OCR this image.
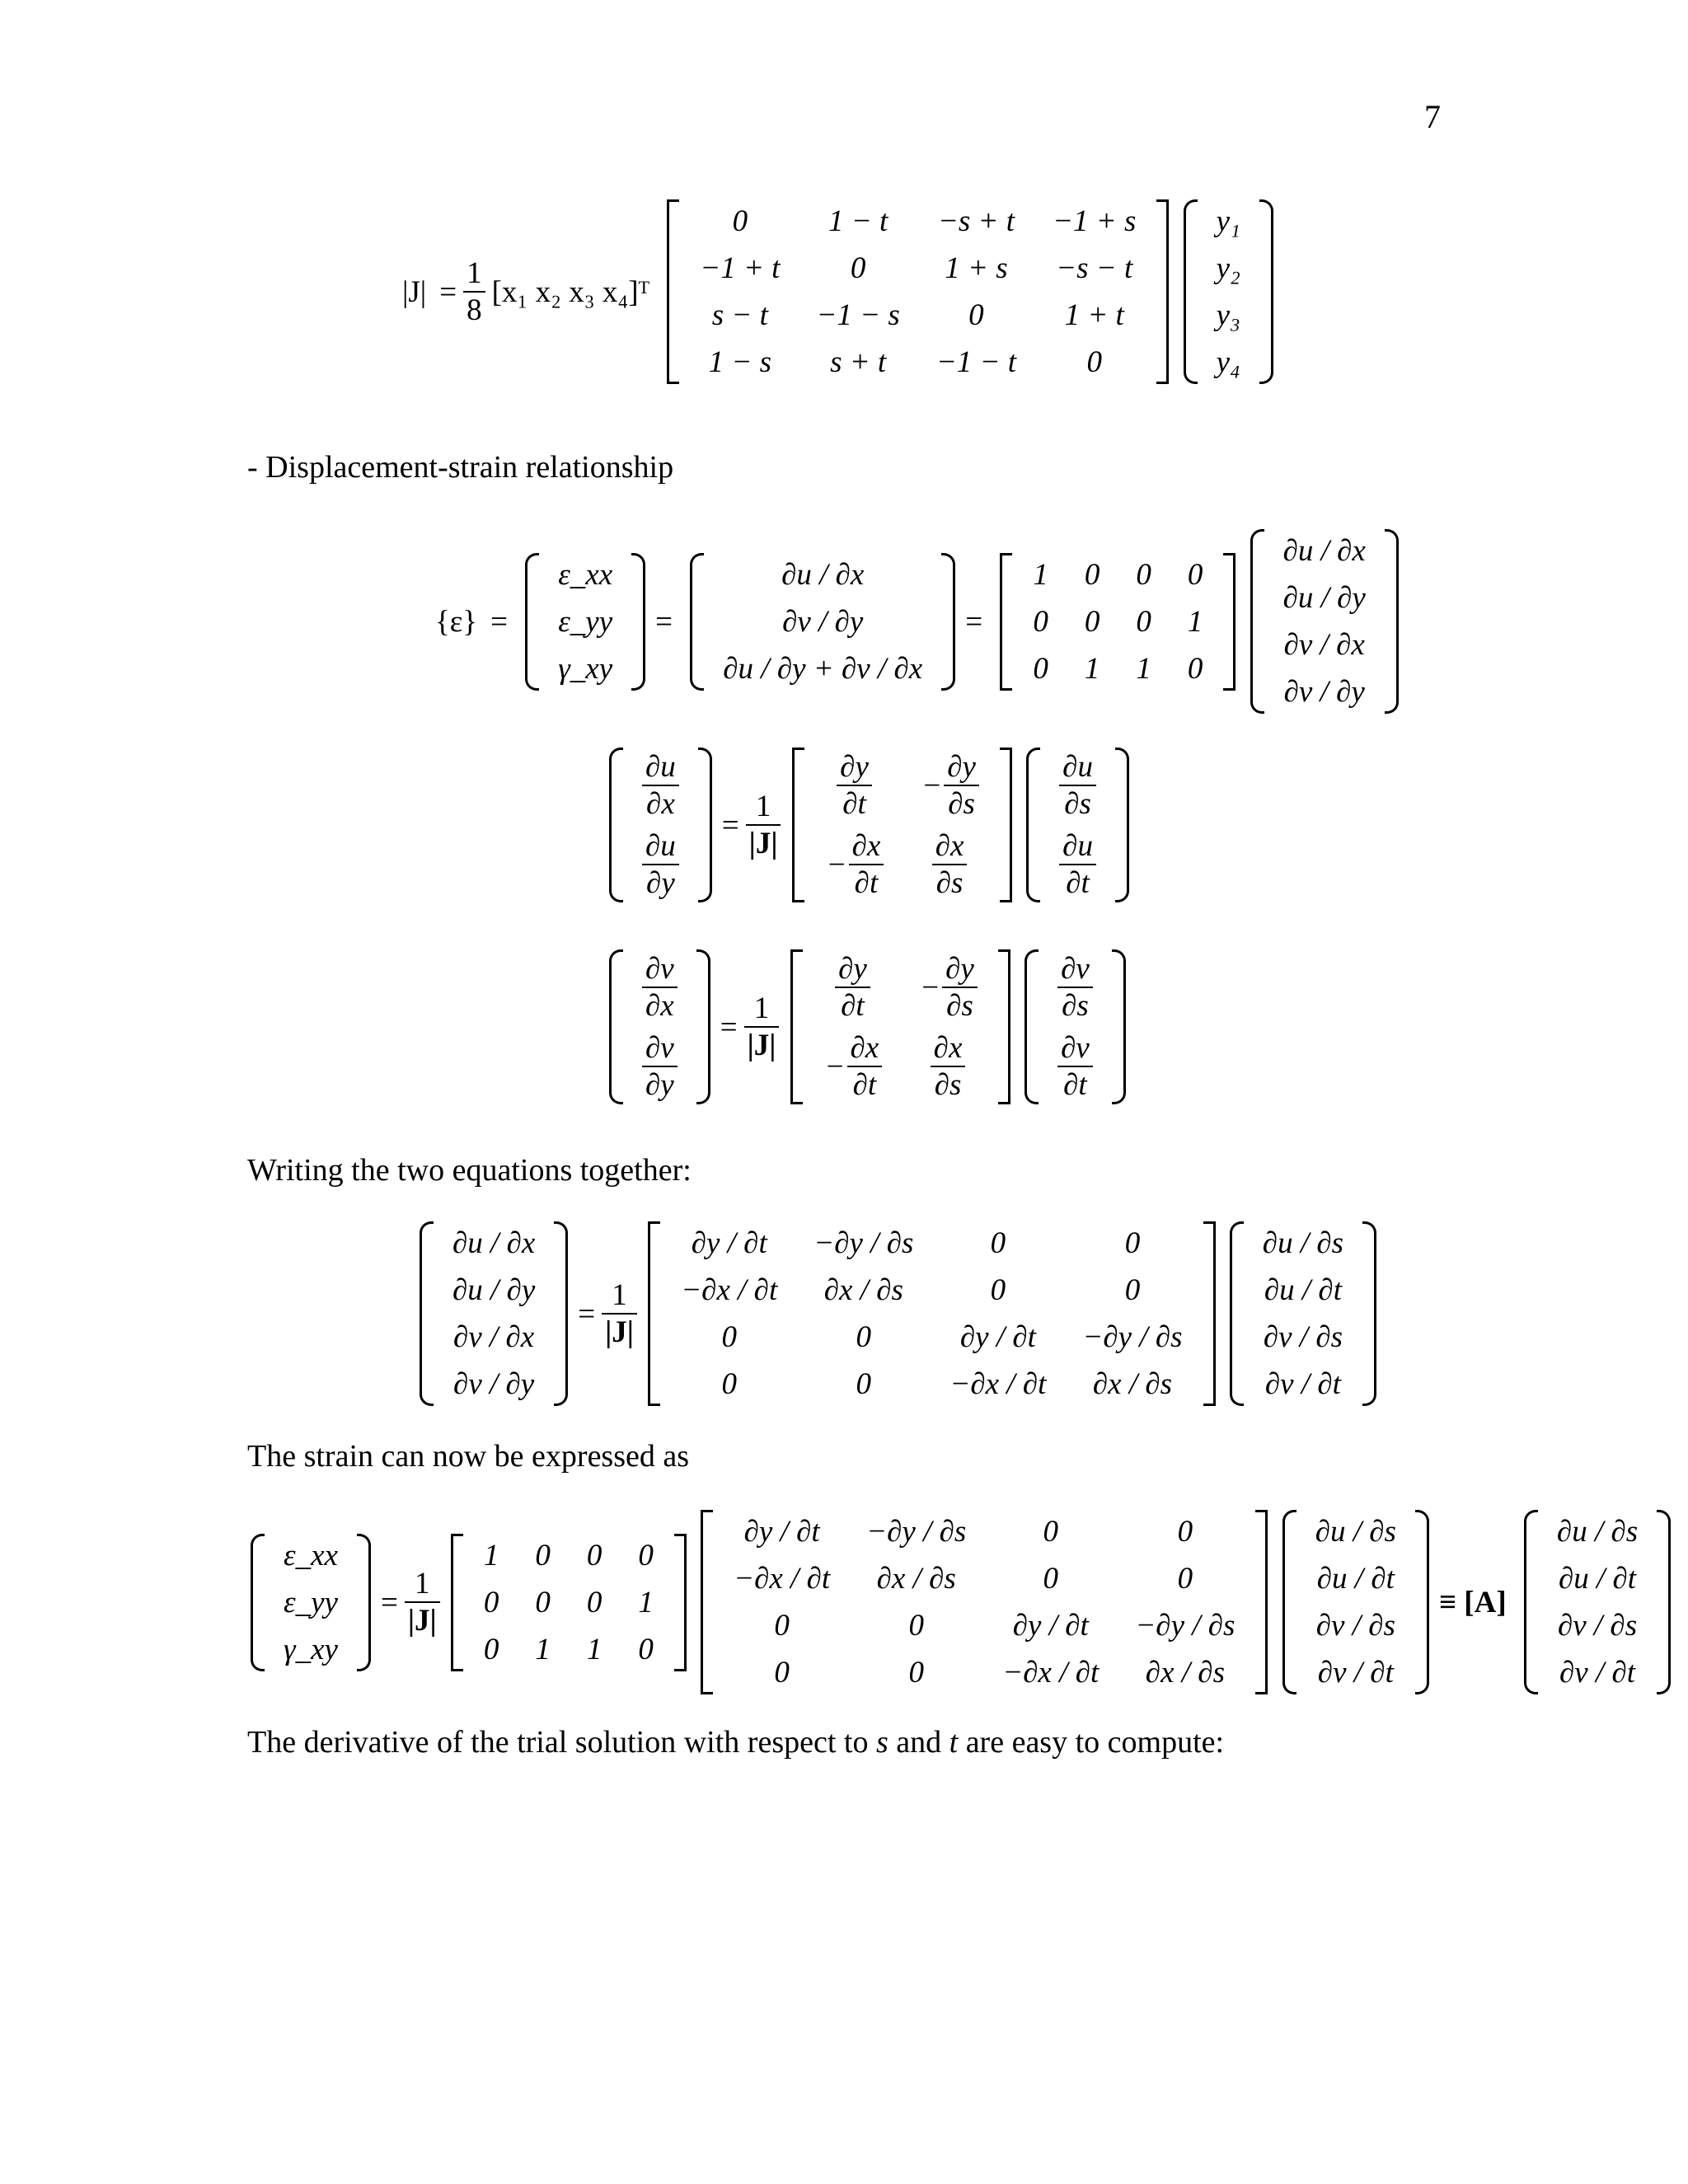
7
$|J| = \frac{1}{8} [x_1$ x₂ x₃ x₄]ᵀ
0	1 − t	−s + t	−1 + s
−1 + t	0	1 + s	−s − t
s − t	−1 − s	0	1 + t
1 − s	s + t	−1 − t	0

y₁
y₂
y₃
y₄
- Displacement-strain relationship
{ε} =
ε_xx
ε_yy
γ_xy
=
∂u / ∂x
∂v / ∂y
∂u / ∂y + ∂v / ∂x
=
1	0	0	0
0	0	0	1
0	1	1	0

∂u / ∂x
∂u / ∂y
∂v / ∂x
∂v / ∂y
$\frac{\partial u}{\partial x}$

$\frac{\partial u}{\partial y}$
= $\frac{1}{|J|}$

$\frac{\partial y}{\partial t}$	− $\frac{\partial y}{\partial s}$

− $\frac{\partial x}{\partial t}$	$\frac{\partial x}{\partial s}$

$\frac{\partial u}{\partial s}$

$\frac{\partial u}{\partial t}$
$\frac{\partial v}{\partial x}$

$\frac{\partial v}{\partial y}$
= $\frac{1}{|J|}$

$\frac{\partial y}{\partial t}$	− $\frac{\partial y}{\partial s}$

− $\frac{\partial x}{\partial t}$	$\frac{\partial x}{\partial s}$

$\frac{\partial v}{\partial s}$

$\frac{\partial v}{\partial t}$
Writing the two equations together:
∂u / ∂x
∂u / ∂y
∂v / ∂x
∂v / ∂y
= $\frac{1}{|J|}$

∂y / ∂t	−∂y / ∂s	0	0
−∂x / ∂t	∂x / ∂s	0	0
0	0	∂y / ∂t	−∂y / ∂s
0	0	−∂x / ∂t	∂x / ∂s

∂u / ∂s
∂u / ∂t
∂v / ∂s
∂v / ∂t
The strain can now be expressed as
ε_xx
ε_yy
γ_xy
= $\frac{1}{|J|}$

1	0	0	0
0	0	0	1
0	1	1	0

∂y / ∂t	−∂y / ∂s	0	0
−∂x / ∂t	∂x / ∂s	0	0
0	0	∂y / ∂t	−∂y / ∂s
0	0	−∂x / ∂t	∂x / ∂s

∂u / ∂s
∂u / ∂t
∂v / ∂s
∂v / ∂t
≡ [A]
∂u / ∂s
∂u / ∂t
∂v / ∂s
∂v / ∂t
The derivative of the trial solution with respect to s and t are easy to compute:
